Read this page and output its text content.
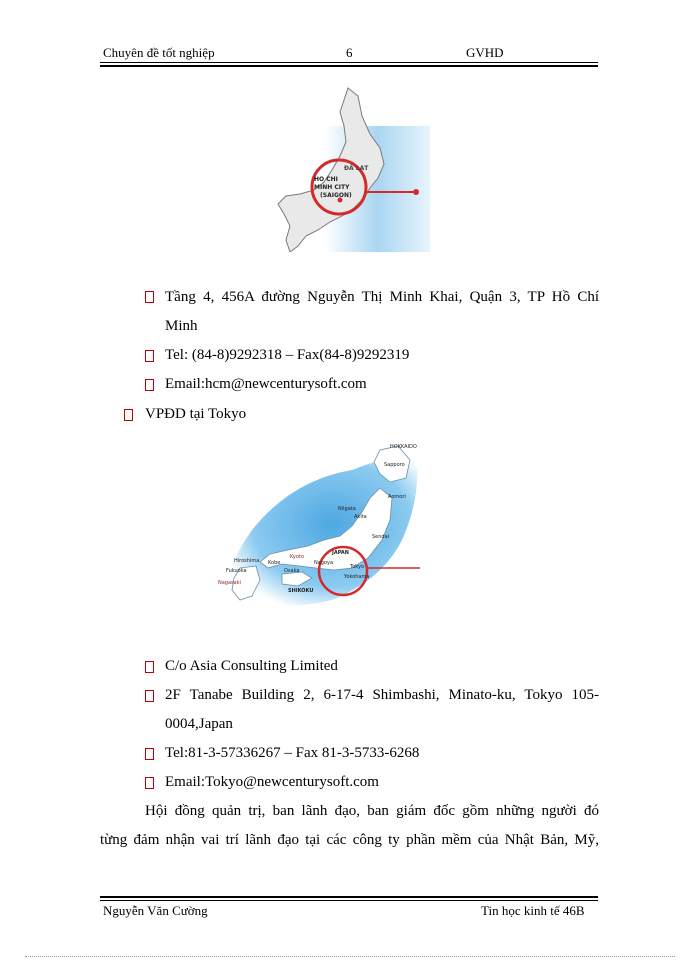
Chuyên đề tốt nghiệp	6	GVHD
ĐÀ LẠT
HO CHI
MINH CITY
(SAIGON)
Tầng 4, 456A đường Nguyễn Thị Minh Khai, Quận 3, TP Hồ Chí
Minh
Tel: (84-8)9292318 – Fax(84-8)9292319
Email:hcm@newcenturysoft.com
VPĐD tại Tokyo
HOKKAIDO
Sapporo
Aomori
Akita
Sendai
JAPAN
Tokyo
Yokohama
Nagoya
Kyoto
Osaka
Kobe
Hiroshima
Fukuoka
Nagasaki
SHIKOKU
Niigata
C/o Asia Consulting Limited
2F Tanabe Building 2, 6-17-4 Shimbashi, Minato-ku, Tokyo 105-
0004,Japan
Tel:81-3-57336267 – Fax 81-3-5733-6268
Email:Tokyo@newcenturysoft.com
Hội đồng quản trị, ban lãnh đạo, ban giám đốc gồm những người đó
từng đảm nhận vai trí lãnh đạo tại các công ty phần mềm của Nhật Bản, Mỹ,
Nguyễn Văn Cường	Tin học kinh tế 46B
